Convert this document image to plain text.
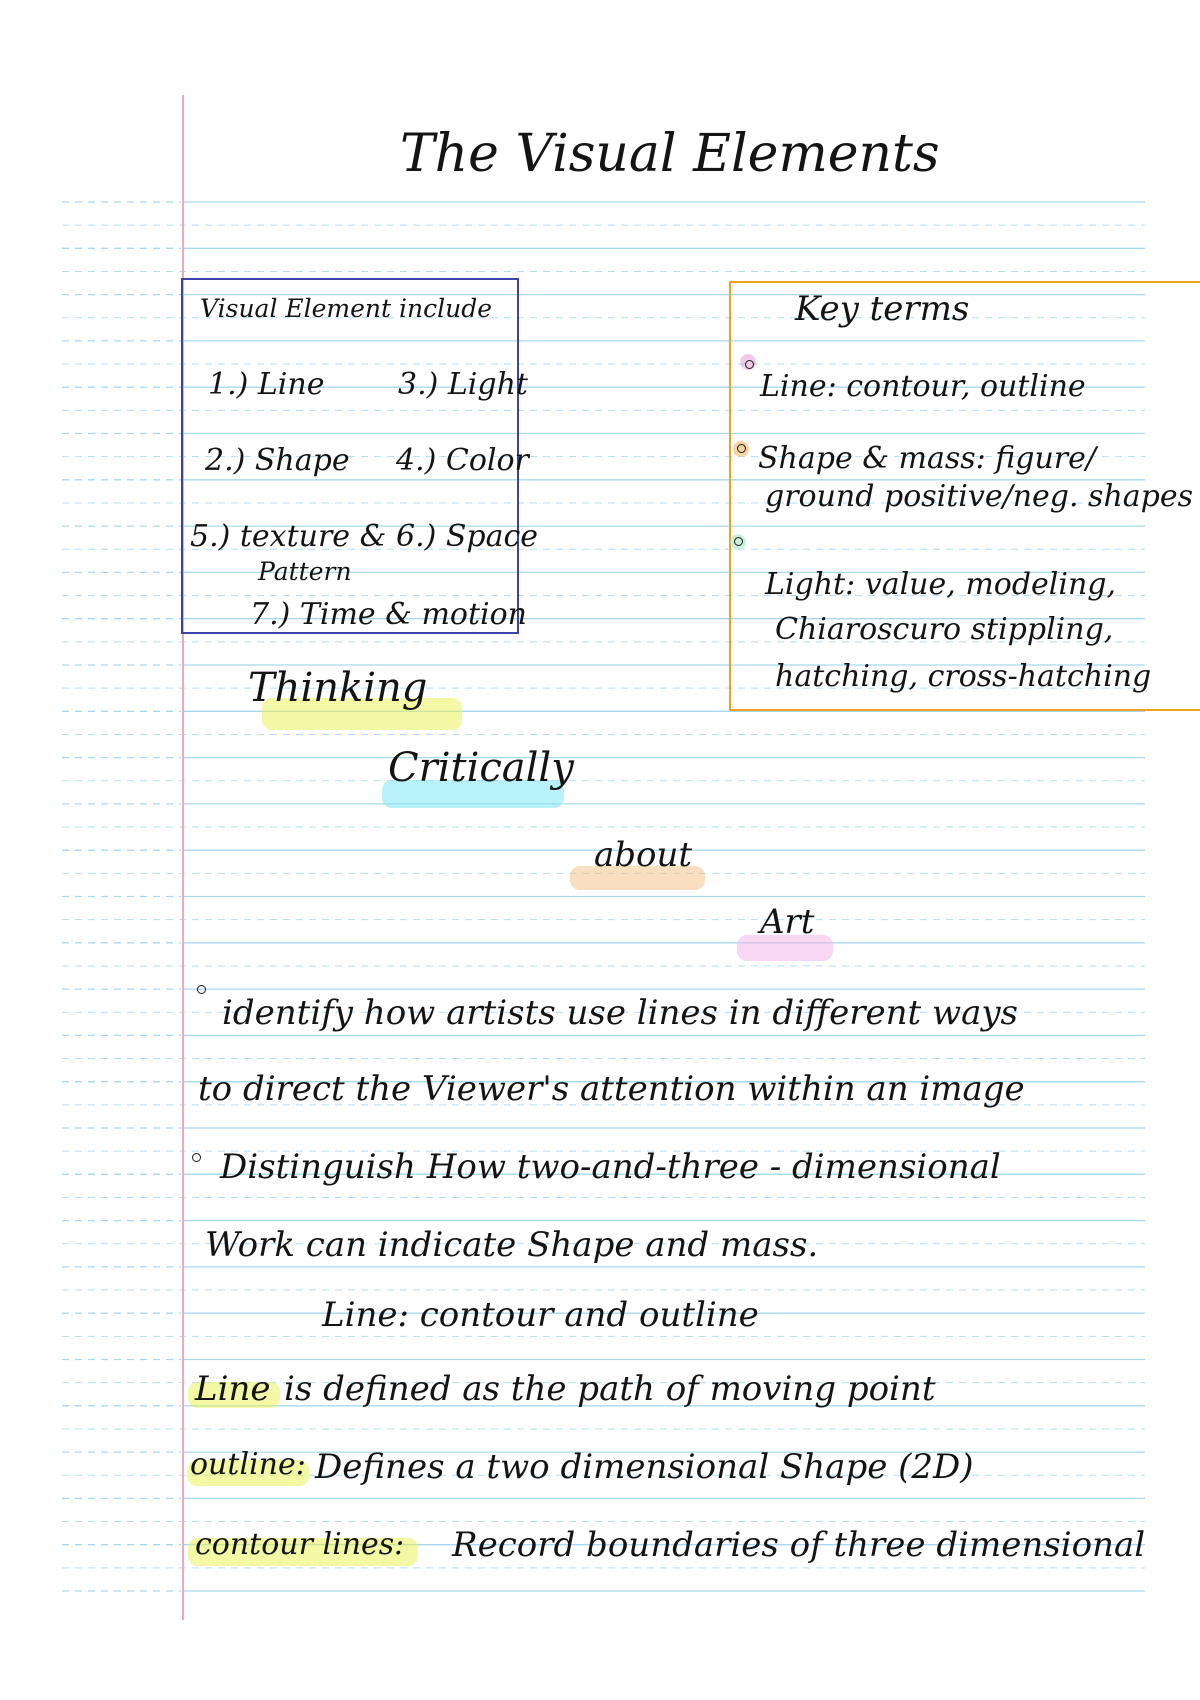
The Visual Elements
Visual Element include
1.) Line 3.) Light
2.) Shape 4.) Color
5.) texture &
Pattern
6.) Space
7.) Time & motion
Key terms
Line: contour, outline
Shape & mass: figure/
ground positive/neg. shapes
Light: value, modeling,
Chiaroscuro stippling,
hatching, cross-hatching
Thinking
Critically
about
Art
identify how artists use lines in different ways
to direct the Viewer's attention within an image
Distinguish How two-and-three - dimensional
Work can indicate Shape and mass.
Line: contour and outline
Line is defined as the path of moving point
outline: Defines a two dimensional Shape (2D)
contour lines: Record boundaries of three dimensional
